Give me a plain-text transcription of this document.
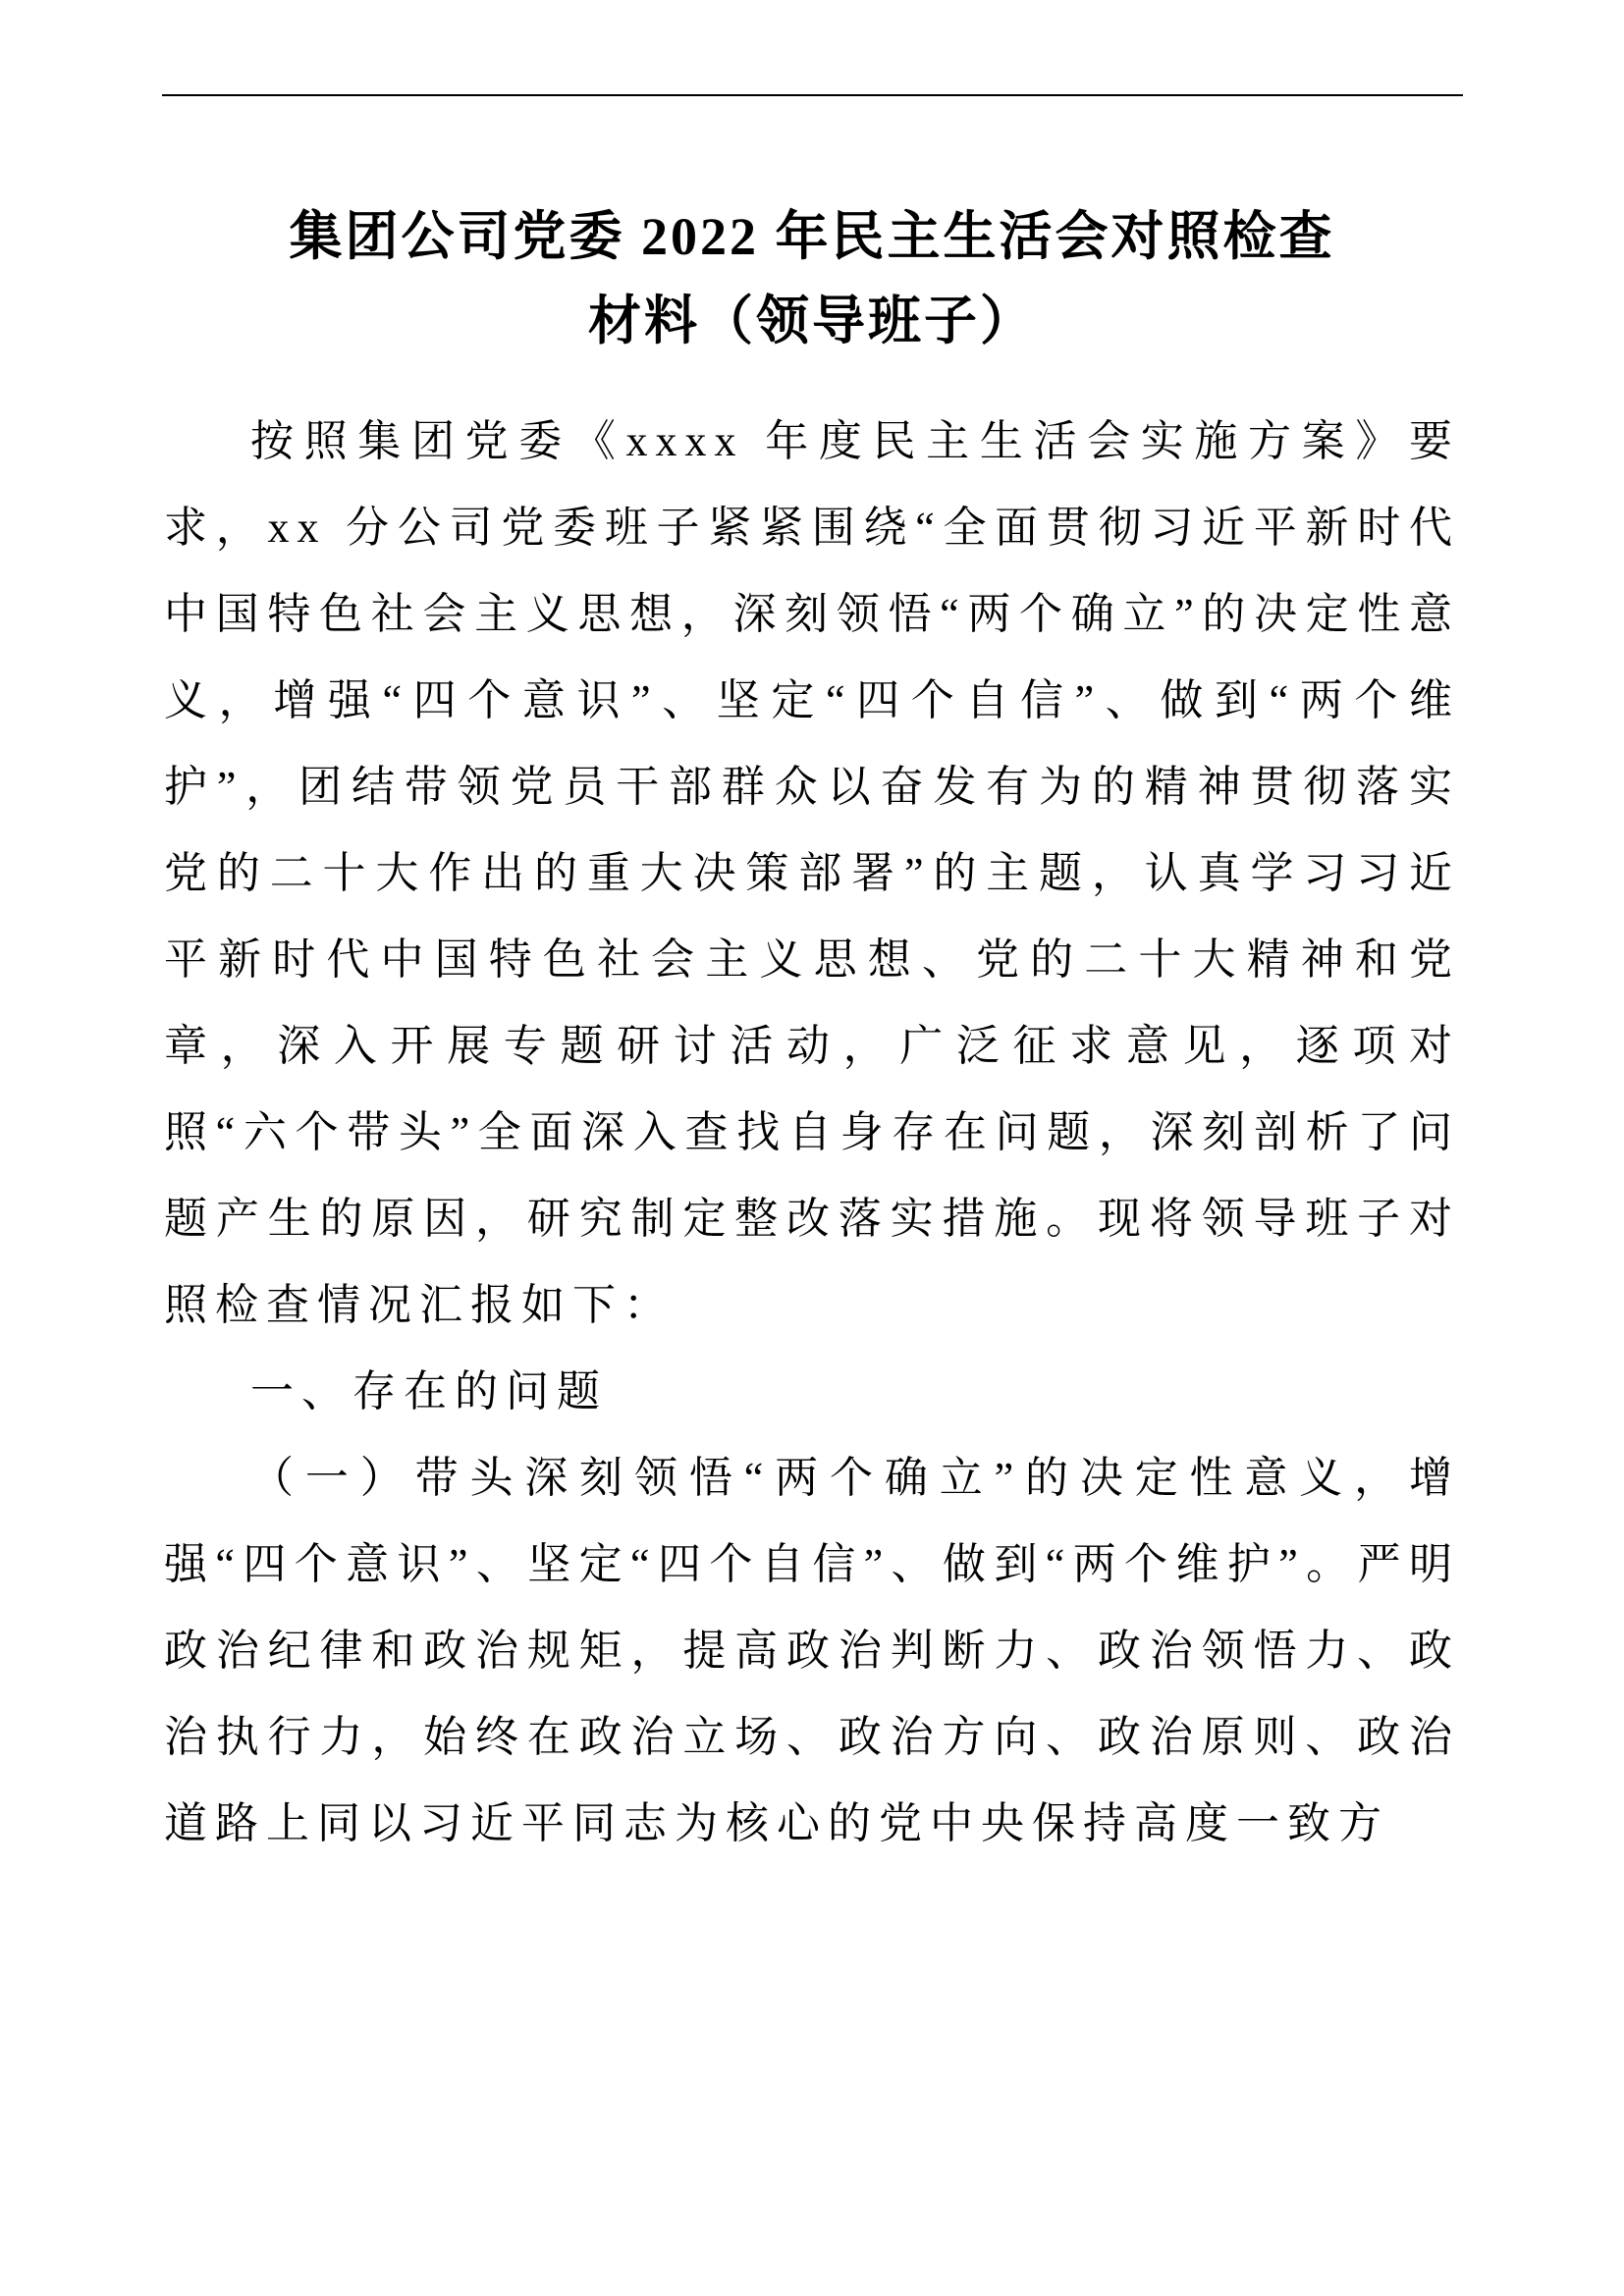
集团公司党委 2022 年民主生活会对照检查
材料（领导班子）

按照集团党委《xxxx 年度民主生活会实施方案》要求，xx 分公司党委班子紧紧围绕“全面贯彻习近平新时代中国特色社会主义思想，深刻领悟“两个确立”的决定性意义，增强“四个意识”、坚定“四个自信”、做到“两个维护”，团结带领党员干部群众以奋发有为的精神贯彻落实党的二十大作出的重大决策部署”的主题，认真学习习近平新时代中国特色社会主义思想、党的二十大精神和党章，深入开展专题研讨活动，广泛征求意见，逐项对照“六个带头”全面深入查找自身存在问题，深刻剖析了问题产生的原因，研究制定整改落实措施。现将领导班子对照检查情况汇报如下：

一、存在的问题

（一）带头深刻领悟“两个确立”的决定性意义，增强“四个意识”、坚定“四个自信”、做到“两个维护”。严明政治纪律和政治规矩，提高政治判断力、政治领悟力、政治执行力，始终在政治立场、政治方向、政治原则、政治道路上同以习近平同志为核心的党中央保持高度一致方
